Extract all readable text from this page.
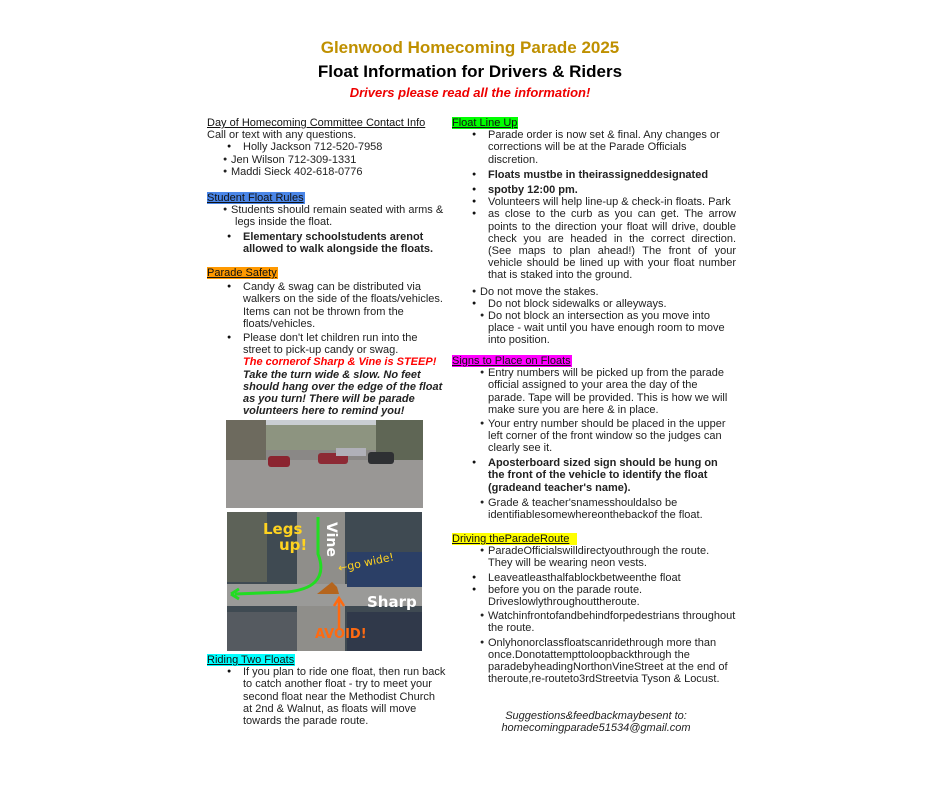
Glenwood Homecoming Parade 2025
Float Information for Drivers & Riders
Drivers please read all the information!
Day of Homecoming Committee Contact Info
Call or text with any questions.
● Holly Jackson 712-520-7958
● Jen Wilson 712-309-1331
● Maddi Sieck 402-618-0776
Student Float Rules
● Students should remain seated with arms & legs inside the float.
● Elementary schoolstudents arenot allowed to walk alongside the floats.
Parade Safety
● Candy & swag can be distributed via walkers on the side of the floats/vehicles. Items can not be thrown from the floats/vehicles.
● Please don't let children run into the street to pick-up candy or swag.
The cornerof Sharp & Vine is STEEP! Take the turn wide & slow. No feet should hang over the edge of the float as you turn! There will be parade volunteers here to remind you!
Legs
up! Vine
←go wide!
Sharp
AVOID!
Riding Two Floats
● If you plan to ride one float, then run back to catch another float - try to meet your second float near the Methodist Church at 2nd & Walnut, as floats will move towards the parade route.
Float Line Up
● Parade order is now set & final. Any changes or corrections will be at the Parade Officials discretion.
● Floats mustbe in theirassigneddesignated
● spotby 12:00 pm.
● Volunteers will help line-up & check-in floats. Park
● as close to the curb as you can get. The arrow points to the direction your float will drive, double check you are headed in the correct direction. (See maps to plan ahead!) The front of your vehicle should be lined up with your float number that is staked into the ground.
● Do not move the stakes.
● Do not block sidewalks or alleyways.
● Do not block an intersection as you move into place - wait until you have enough room to move into position.
Signs to Place on Floats
● Entry numbers will be picked up from the parade official assigned to your area the day of the parade. Tape will be provided. This is how we will make sure you are here & in place.
● Your entry number should be placed in the upper left corner of the front window so the judges can clearly see it.
● Aposterboard sized sign should be hung on the front of the vehicle to identify the float (gradeand teacher's name).
● Grade & teacher'snamesshouldalso be identifiablesomewhereonthebackof the float.
Driving theParadeRoute
● ParadeOfficialswilldirectyouthrough the route. They will be wearing neon vests.
● Leaveatleasthalfablockbetweenthe float
● before you on the parade route. Driveslowlythroughouttheroute.
● Watchinfrontofandbehindforpedestrians throughout the route.
● Onlyhonorclassfloatscanridethrough more than once.Donotattempttoloopbackthrough the paradebyheadingNorthonVineStreet at the end of theroute,re-routeto3rdStreetvia Tyson & Locust.
Suggestions&feedbackmaybesent to:
homecomingparade51534@gmail.com
